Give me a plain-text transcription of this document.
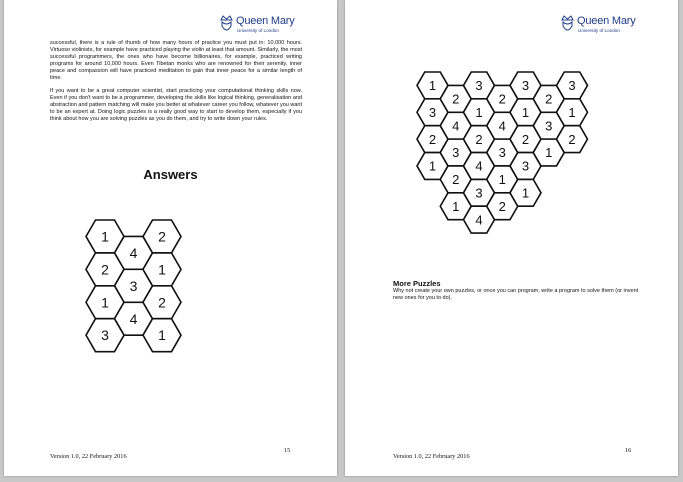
Queen Mary
University of London

successful, there is a rule of thumb of how many hours of practice you must put in: 10,000 hours. Virtuoso violinists, for example have practiced playing the violin at least that amount. Similarly, the most successful programmers, the ones who have become billionaires, for example, practiced writing programs for around 10,000 hours. Even Tibetan monks who are renowned for their serenity, inner peace and compassion will have practiced meditation to gain that inner peace for a similar length of time.

If you want to be a great computer scientist, start practicing your computational thinking skills now. Even if you don't want to be a programmer, developing the skills like logical thinking, generalisation and abstraction and pattern matching will make you better at whatever career you follow, whatever you want to be an expert at. Doing logic puzzles is a really good way to start to develop them, especially if you think about how you are solving puzzles as you do them, and try to write down your rules.

Answers
1
4
2
2
3
1
1
4
2
3	1
Version 1.0, 22 February 2016
15
Queen Mary
University of London
1
3
2
1
2
4
3
2
1
3
1
2
4
3
4
2
4
3
1
2
3
1
2
3
1
2
3
1
3
1
2
More Puzzles
Why not create your own puzzles, or once you can program, write a program to solve them (or invent new ones for you to do).
Version 1.0, 22 February 2016
16
